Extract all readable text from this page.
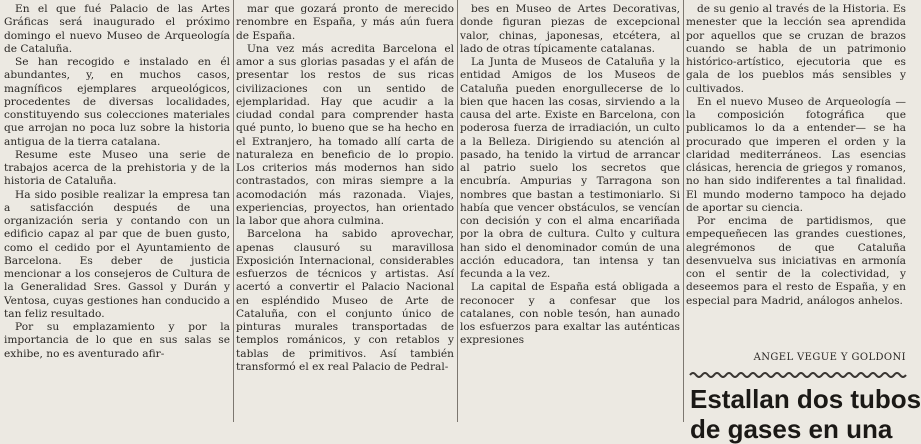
En el que fué Palacio de las Artes Gráficas será inaugurado el próximo domingo el nuevo Museo de Arqueología de Cataluña.

Se han recogido e instalado en él abundantes, y, en muchos casos, magníficos ejemplares arqueológicos, procedentes de diversas localidades, constituyendo sus colecciones materiales que arrojan no poca luz sobre la historia antigua de la tierra catalana.

Resume este Museo una serie de trabajos acerca de la prehistoria y de la historia de Cataluña.

Ha sido posible realizar la empresa tan a satisfacción después de una organización seria y contando con un edificio capaz al par que de buen gusto, como el cedido por el Ayuntamiento de Barcelona. Es deber de justicia mencionar a los consejeros de Cultura de la Generalidad Sres. Gassol y Durán y Ventosa, cuyas gestiones han conducido a tan feliz resultado.

Por su emplazamiento y por la importancia de lo que en sus salas se exhibe, no es aventurado afir-

mar que gozará pronto de merecido renombre en España, y más aún fuera de España.

Una vez más acredita Barcelona el amor a sus glorias pasadas y el afán de presentar los restos de sus ricas civilizaciones con un sentido de ejemplaridad. Hay que acudir a la ciudad condal para comprender hasta qué punto, lo bueno que se ha hecho en el Extranjero, ha tomado allí carta de naturaleza en beneficio de lo propio. Los criterios más modernos han sido contrastados, con miras siempre a la acomodación más razonada. Viajes, experiencias, proyectos, han orientado la labor que ahora culmina.

Barcelona ha sabido aprovechar, apenas clausuró su maravillosa Exposición Internacional, considerables esfuerzos de técnicos y artistas. Así acertó a convertir el Palacio Nacional en espléndido Museo de Arte de Cataluña, con el conjunto único de pinturas murales transportadas de templos románicos, y con retablos y tablas de primitivos. Así también transformó el ex real Palacio de Pedral-

bes en Museo de Artes Decorativas, donde figuran piezas de excepcional valor, chinas, japonesas, etcétera, al lado de otras típicamente catalanas.

La Junta de Museos de Cataluña y la entidad Amigos de los Museos de Cataluña pueden enorgullecerse de lo bien que hacen las cosas, sirviendo a la causa del arte. Existe en Barcelona, con poderosa fuerza de irradiación, un culto a la Belleza. Dirigiendo su atención al pasado, ha tenido la virtud de arrancar al patrio suelo los secretos que encubría. Ampurias y Tarragona son nombres que bastan a testimoniarlo. Si había que vencer obstáculos, se vencían con decisión y con el alma encariñada por la obra de cultura. Culto y cultura han sido el denominador común de una acción educadora, tan intensa y tan fecunda a la vez.

La capital de España está obligada a reconocer y a confesar que los catalanes, con noble tesón, han aunado los esfuerzos para exaltar las auténticas expresiones

de su genio al través de la Historia. Es menester que la lección sea aprendida por aquellos que se cruzan de brazos cuando se habla de un patrimonio histórico-artístico, ejecutoria que es gala de los pueblos más sensibles y cultivados.

En el nuevo Museo de Arqueología —la composición fotográfica que publicamos lo da a entender— se ha procurado que imperen el orden y la claridad mediterráneos. Las esencias clásicas, herencia de griegos y romanos, no han sido indiferentes a tal finalidad. El mundo moderno tampoco ha dejado de aportar su ciencia.

Por encima de partidismos, que empequeñecen las grandes cuestiones, alegrémonos de que Cataluña desenvuelva sus iniciativas en armonía con el sentir de la colectividad, y deseemos para el resto de España, y en especial para Madrid, análogos anhelos.

ANGEL VEGUE Y GOLDONI
Estallan dos tubos
de gases en una
